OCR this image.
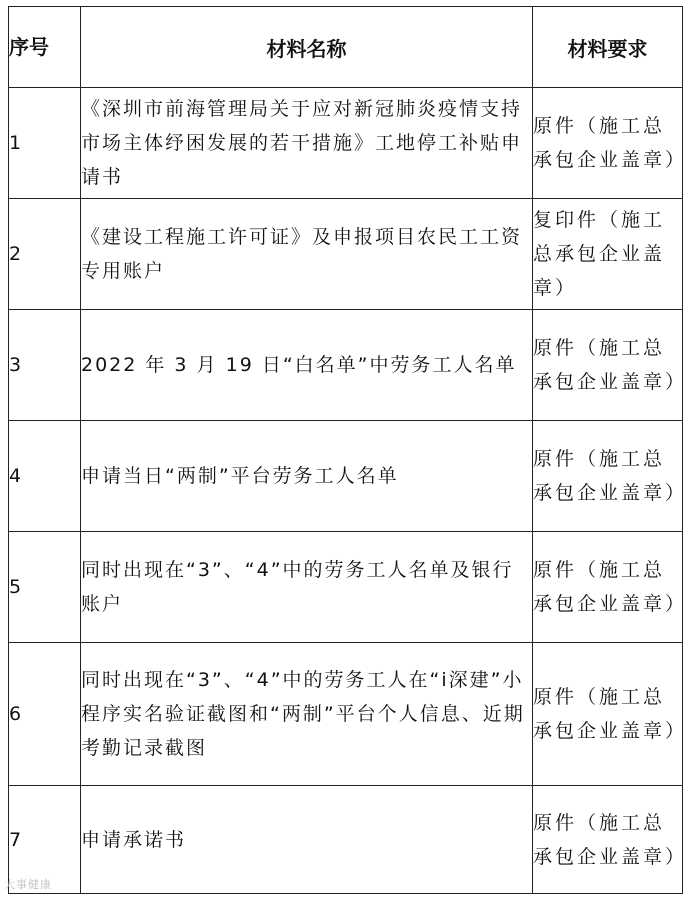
序号	材料名称	材料要求
1	《深圳市前海管理局关于应对新冠肺炎疫情支持市场主体纾困发展的若干措施》工地停工补贴申请书	原件（施工总承包企业盖章）
2	《建设工程施工许可证》及申报项目农民工工资专用账户	复印件（施工总承包企业盖章）
3	2022 年 3 月 19 日“白名单”中劳务工人名单	原件（施工总承包企业盖章）
4	申请当日“两制”平台劳务工人名单	原件（施工总承包企业盖章）
5	同时出现在“3”、“4”中的劳务工人名单及银行账户	原件（施工总承包企业盖章）
6	同时出现在“3”、“4”中的劳务工人在“i深建”小程序实名验证截图和“两制”平台个人信息、近期考勤记录截图	原件（施工总承包企业盖章）
7	申请承诺书	原件（施工总承包企业盖章）
大事健康
